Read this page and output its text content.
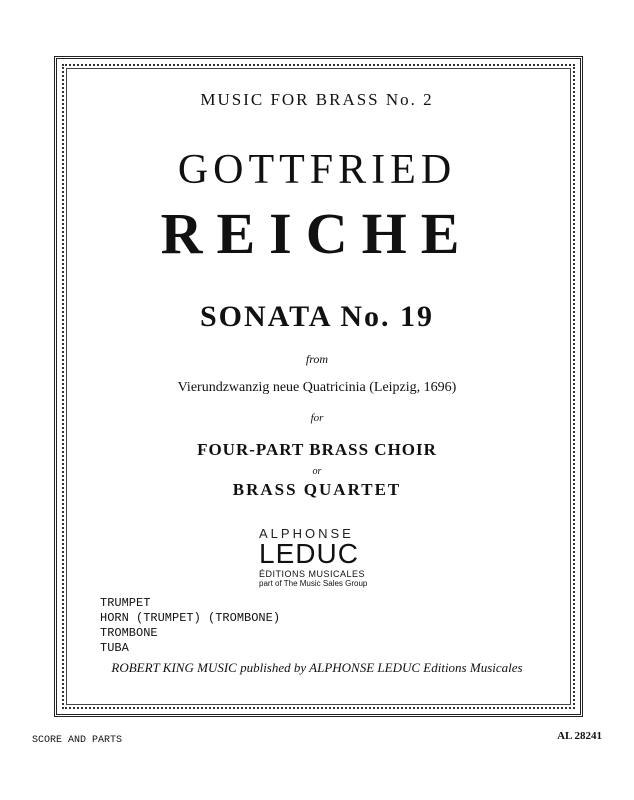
MUSIC FOR BRASS No. 2
GOTTFRIED
REICHE
SONATA No. 19
from
Vierundzwanzig neue Quatricinia (Leipzig, 1696)
for
FOUR-PART BRASS CHOIR
or
BRASS QUARTET
ALPHONSE
LEDUC
ÉDITIONS MUSICALES
part of The Music Sales Group
TRUMPET
HORN (TRUMPET) (TROMBONE)
TROMBONE
TUBA
ROBERT KING MUSIC published by ALPHONSE LEDUC Editions Musicales
SCORE AND PARTS	AL 28241
